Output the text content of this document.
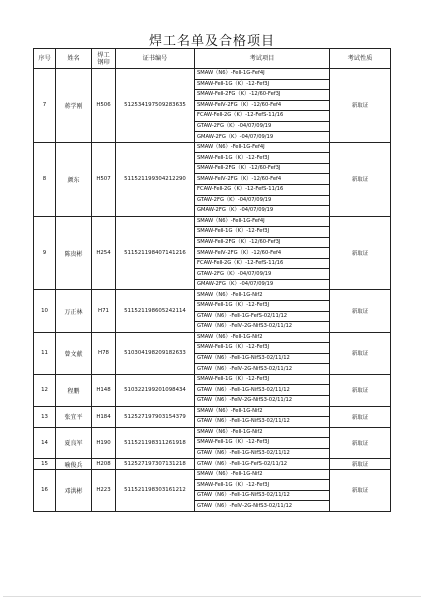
焊工名单及合格项目
序号	姓名	焊工钢印	证书编号	考试项目	考试性质
7	蒋学刚	H506	512534197509283635	SMAW（N6）-FeⅡ-1G-Fef4J	新取证
				SMAW-FeⅡ-1G（K）-12-Fef3J	
				SMAW-FeⅡ-2FG（K）-12/60-Fef3J	
				SMAW-FeⅣ-2FG（K）-12/60-Fef4	
				FCAW-FeⅡ-2G（K）-12-FefS-11/16	
				GTAW-2FG（K）-04/07/09/19	
				GMAW-2FG（K）-04/07/09/19	
8	颜东	H507	511521199304212290	SMAW（N6）-FeⅡ-1G-Fef4J	新取证
				SMAW-FeⅡ-1G（K）-12-Fef3J	
				SMAW-FeⅡ-2FG（K）-12/60-Fef3J	
				SMAW-FeⅣ-2FG（K）-12/60-Fef4	
				FCAW-FeⅡ-2G（K）-12-FefS-11/16	
				GTAW-2FG（K）-04/07/09/19	
				GMAW-2FG（K）-04/07/09/19	
9	陈贵彬	H254	511521198407141216	SMAW（N6）-FeⅡ-1G-Fef4J	新取证
				SMAW-FeⅡ-1G（K）-12-Fef3J	
				SMAW-FeⅡ-2FG（K）-12/60-Fef3J	
				SMAW-FeⅣ-2FG（K）-12/60-Fef4	
				FCAW-FeⅡ-2G（K）-12-FefS-11/16	
				GTAW-2FG（K）-04/07/09/19	
				GMAW-2FG（K）-04/07/09/19	
10	万正林	H71	511521198605242114	SMAW（N6）-FeⅡ-1G-Nif2	新取证
				SMAW-FeⅡ-1G（K）-12-Fef3J	
				GTAW（N6）-FeⅡ-1G-FefS-02/11/12	
				GTAW（N6）-FeⅣ-2G-NifS3-02/11/12	
11	曾文献	H78	510304198209182633	SMAW（N6）-FeⅡ-1G-Nif2	新取证
				SMAW-FeⅡ-1G（K）-12-Fef3J	
				GTAW（N6）-FeⅡ-1G-NifS3-02/11/12	
				GTAW（N6）-FeⅣ-2G-NifS3-02/11/12	
12	程鹏	H148	510322199201098434	SMAW-FeⅡ-1G（K）-12-Fef3J	新取证
				GTAW（N6）-FeⅡ-1G-NifS3-02/11/12	
				GTAW（N6）-FeⅣ-2G-NifS3-02/11/12	
13	张宜平	H184	512527197903154379	SMAW（N6）-FeⅡ-1G-Nif2	新取证
				GTAW（N6）-FeⅡ-1G-NifS3-02/11/12	
14	夏良军	H190	511521198311261918	SMAW（N6）-FeⅡ-1G-Nif2	新取证
				SMAW-FeⅡ-1G（K）-12-Fef3J	
				GTAW（N6）-FeⅡ-1G-NifS3-02/11/12	
15	喻俊兵	H208	512527197307131218	GTAW（N6）-FeⅡ-1G-FefS-02/11/12	新取证
16	邓洪彬	H223	511521198303161212	SMAW（N6）-FeⅡ-1G-Nif2	新取证
				SMAW-FeⅡ-1G（K）-12-Fef3J	
				GTAW（N6）-FeⅡ-1G-NifS3-02/11/12	
				GTAW（N6）-FeⅣ-2G-NifS3-02/11/12	
